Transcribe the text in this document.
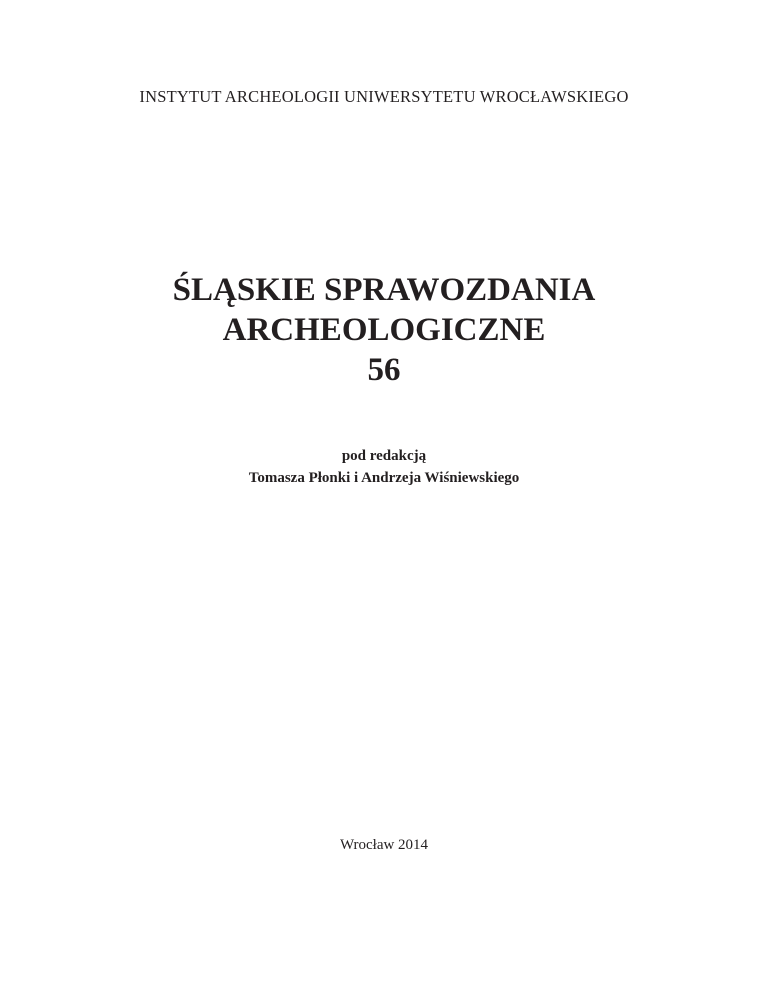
INSTYTUT ARCHEOLOGII UNIWERSYTETU WROCŁAWSKIEGO
ŚLĄSKIE SPRAWOZDANIA
ARCHEOLOGICZNE
56
pod redakcją
Tomasza Płonki i Andrzeja Wiśniewskiego
Wrocław 2014
